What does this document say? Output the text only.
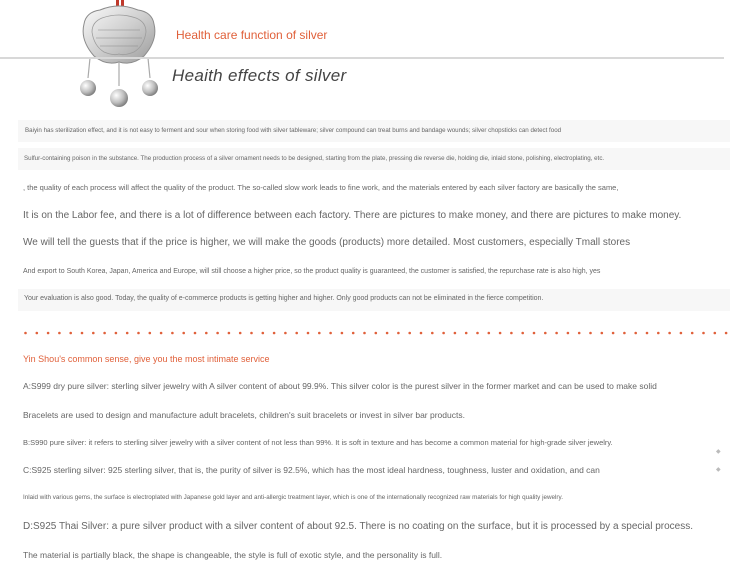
Health care function of silver
Heaith effects of silver
Baiyin has sterilization effect, and it is not easy to ferment and sour when storing food with silver tableware; silver compound can treat burns and bandage wounds; silver chopsticks can detect food
Sulfur-containing poison in the substance. The production process of a silver ornament needs to be designed, starting from the plate, pressing die reverse die, holding die, inlaid stone, polishing, electroplating, etc.
, the quality of each process will affect the quality of the product. The so-called slow work leads to fine work, and the materials entered by each silver factory are basically the same,
It is on the Labor fee, and there is a lot of difference between each factory. There are pictures to make money, and there are pictures to make money.
We will tell the guests that if the price is higher, we will make the goods (products) more detailed. Most customers, especially Tmall stores
And export to South Korea, Japan, America and Europe, will still choose a higher price, so the product quality is guaranteed, the customer is satisfied, the repurchase rate is also high, yes
Your evaluation is also good. Today, the quality of e-commerce products is getting higher and higher. Only good products can not be eliminated in the fierce competition.
Yin Shou's common sense, give you the most intimate service
A:S999 dry pure silver: sterling silver jewelry with A silver content of about 99.9%. This silver color is the purest silver in the former market and can be used to make solid
Bracelets are used to design and manufacture adult bracelets, children's suit bracelets or invest in silver bar products.
B:S990 pure silver: it refers to sterling silver jewelry with a silver content of not less than 99%. It is soft in texture and has become a common material for high-grade silver jewelry.
C:S925 sterling silver: 925 sterling silver, that is, the purity of silver is 92.5%, which has the most ideal hardness, toughness, luster and oxidation, and can
Inlaid with various gems, the surface is electroplated with Japanese gold layer and anti-allergic treatment layer, which is one of the internationally recognized raw materials for high quality jewelry.
D:S925 Thai Silver: a pure silver product with a silver content of about 92.5. There is no coating on the surface, but it is processed by a special process.
The material is partially black, the shape is changeable, the style is full of exotic style, and the personality is full.
◆
◆
